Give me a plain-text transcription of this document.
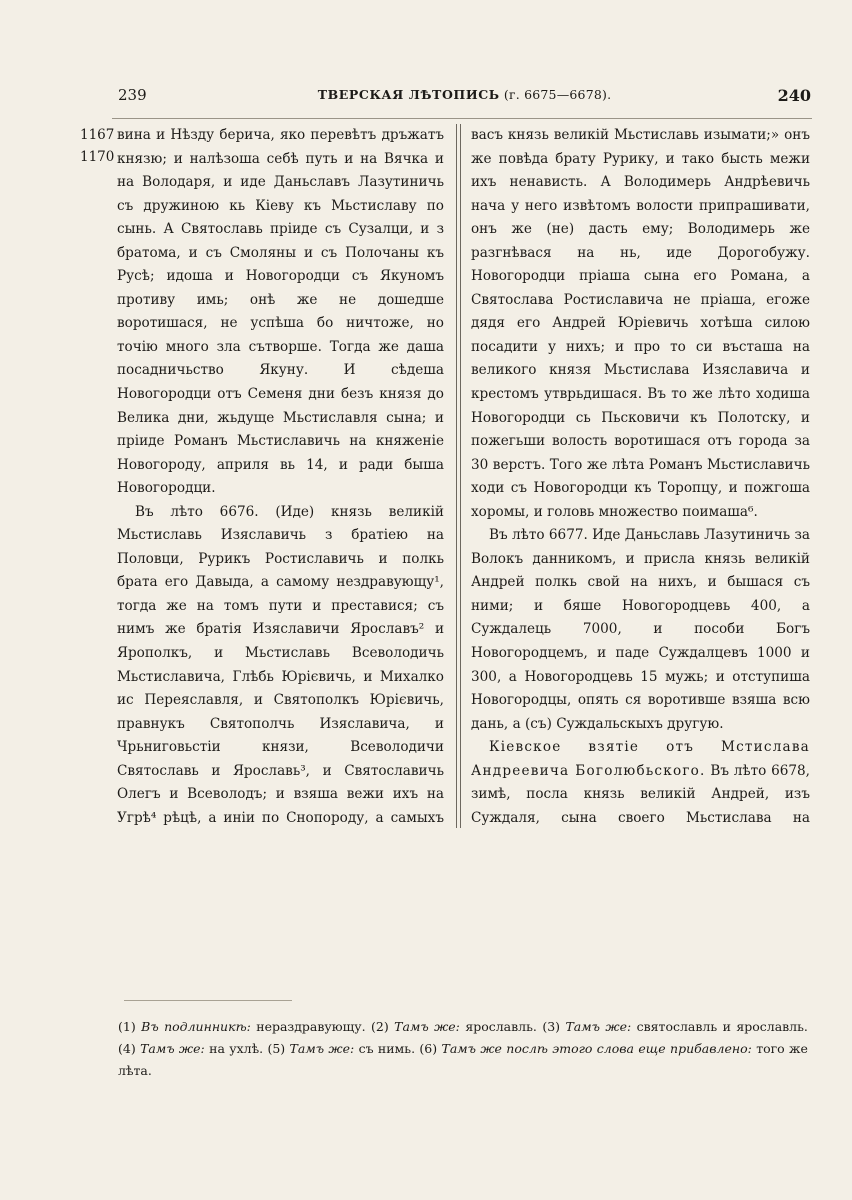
239	ТВЕРСКАЯ ЛѢТОПИСЬ (г. 6675—6678).	240
1167
1170

вина и Нѣзду берича, яко перевѣтъ дръжатъ князю; и налѣзоша себѣ путь и на Вячка и на Володаря, и иде Даньславъ Лазутиничь съ дружиною кь Кіеву къ Мьстиславу по сынь. А Святославь пріиде съ Сузалци, и з братома, и съ Смоляны и съ Полочаны къ Русѣ; идоша и Новогородци съ Якуномъ противу имь; онѣ же не дошедше воротишася, не успѣша бо ничтоже, но точію много зла сътворше. Тогда же даша посадничьство Якуну. И сѣдеша Новогородци отъ Семеня дни безъ князя до Велика дни, жьдуще Мьстиславля сына; и пріиде Романъ Мьстиславичь на княженіе Новогороду, априля вь 14, и ради быша Новогородци.

Въ лѣто 6676. (Иде) князь великій Мьстиславь Изяславичь з братіею на Половци, Рурикъ Ростиславичь и полкь брата его Давыда, а самому нездравующу¹, тогда же на томъ пути и преставися; съ нимъ же братія Изяславичи Ярославъ² и Ярополкъ, и Мьстиславь Всеволодичь Мьстиславича, Глѣбь Юрієвичь, и Михалко ис Переяславля, и Святополкъ Юрієвичь, правнукъ Святополчь Изяславича, и Чрьниговьстіи князи, Всеволодичи Святославь и Ярославь³, и Святославичь Олегъ и Всеволодъ; и взяша вежи ихъ на Угрѣ⁴ рѣцѣ, а иніи по Снопороду, а самыхъ

васъ князь великій Мьстиславь изымати;» онъ же повѣда брату Рурику, и тако бысть межи ихъ ненависть. А Володимерь Андрѣевичь нача у него извѣтомъ волости припрашивати, онъ же (не) дасть ему; Володимерь же разгнѣвася на нь, иде Дорогобужу. Новогородци пріаша сына его Романа, а Святослава Ростиславича не пріаша, егоже дядя его Андрей Юріевичь хотѣша силою посадити у нихъ; и про то си въсташа на великого князя Мьстислава Изяславича и крестомъ утврьдишася. Въ то же лѣто ходиша Новогородци сь Пьсковичи къ Полотску, и пожегьши волость воротишася отъ города за 30 верстъ. Того же лѣта Романъ Мьстиславичь ходи съ Новогородци къ Торопцу, и пожгоша хоромы, и головь множество поимаша⁶.

Въ лѣто 6677. Иде Даньславь Лазутиничь за Волокъ данникомъ, и присла князь великій Андрей полкь свой на нихъ, и бышася съ ними; и бяше Новогородцевь 400, а Суждалець 7000, и пособи Богъ Новогородцемъ, и паде Суждалцевъ 1000 и 300, а Новогородцевь 15 мужь; и отступиша Новогородцы, опять ся воротивше взяша всю дань, а (съ) Суждальскыхъ другую.

Кіевское взятіе отъ Мстислава Андреевича Боголюбьского. Въ лѣто 6678, зимѣ, посла князь великій Андрей, изъ Суждаля, сына своего Мьстислава на

(1) Въ подлинникѣ: нераздравующу. (2) Тамъ же: ярославль. (3) Тамъ же: святославль и ярославль. (4) Тамъ же: на ухлѣ. (5) Тамъ же: съ нимь. (6) Тамъ же послѣ этого слова еще прибавлено: того же лѣта.
